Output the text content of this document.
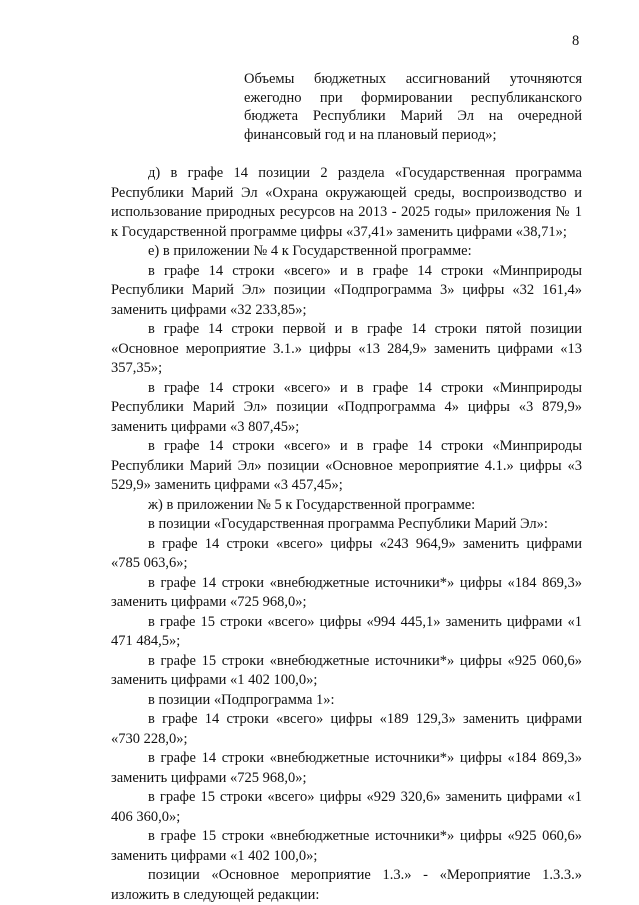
8

Объемы бюджетных ассигнований уточняются ежегодно при формировании республиканского бюджета Республики Марий Эл на очередной финансовый год и на плановый период»;

д) в графе 14 позиции 2 раздела «Государственная программа Республики Марий Эл «Охрана окружающей среды, воспроизводство и использование природных ресурсов на 2013 - 2025 годы» приложения № 1 к Государственной программе цифры «37,41» заменить цифрами «38,71»;

е) в приложении № 4 к Государственной программе:

в графе 14 строки «всего» и в графе 14 строки «Минприроды Республики Марий Эл» позиции «Подпрограмма 3» цифры «32 161,4» заменить цифрами «32 233,85»;

в графе 14 строки первой и в графе 14 строки пятой позиции «Основное мероприятие 3.1.» цифры «13 284,9» заменить цифрами «13 357,35»;

в графе 14 строки «всего» и в графе 14 строки «Минприроды Республики Марий Эл» позиции «Подпрограмма 4» цифры «3 879,9» заменить цифрами «3 807,45»;

в графе 14 строки «всего» и в графе 14 строки «Минприроды Республики Марий Эл» позиции «Основное мероприятие 4.1.» цифры «3 529,9» заменить цифрами «3 457,45»;

ж) в приложении № 5 к Государственной программе:

в позиции «Государственная программа Республики Марий Эл»:

в графе 14 строки «всего» цифры «243 964,9» заменить цифрами «785 063,6»;

в графе 14 строки «внебюджетные источники*» цифры «184 869,3» заменить цифрами «725 968,0»;

в графе 15 строки «всего» цифры «994 445,1» заменить цифрами «1 471 484,5»;

в графе 15 строки «внебюджетные источники*» цифры «925 060,6» заменить цифрами «1 402 100,0»;

в позиции «Подпрограмма 1»:

в графе 14 строки «всего» цифры «189 129,3» заменить цифрами «730 228,0»;

в графе 14 строки «внебюджетные источники*» цифры «184 869,3» заменить цифрами «725 968,0»;

в графе 15 строки «всего» цифры «929 320,6» заменить цифрами «1 406 360,0»;

в графе 15 строки «внебюджетные источники*» цифры «925 060,6» заменить цифрами «1 402 100,0»;

позиции «Основное мероприятие 1.3.» - «Мероприятие 1.3.3.» изложить в следующей редакции:
